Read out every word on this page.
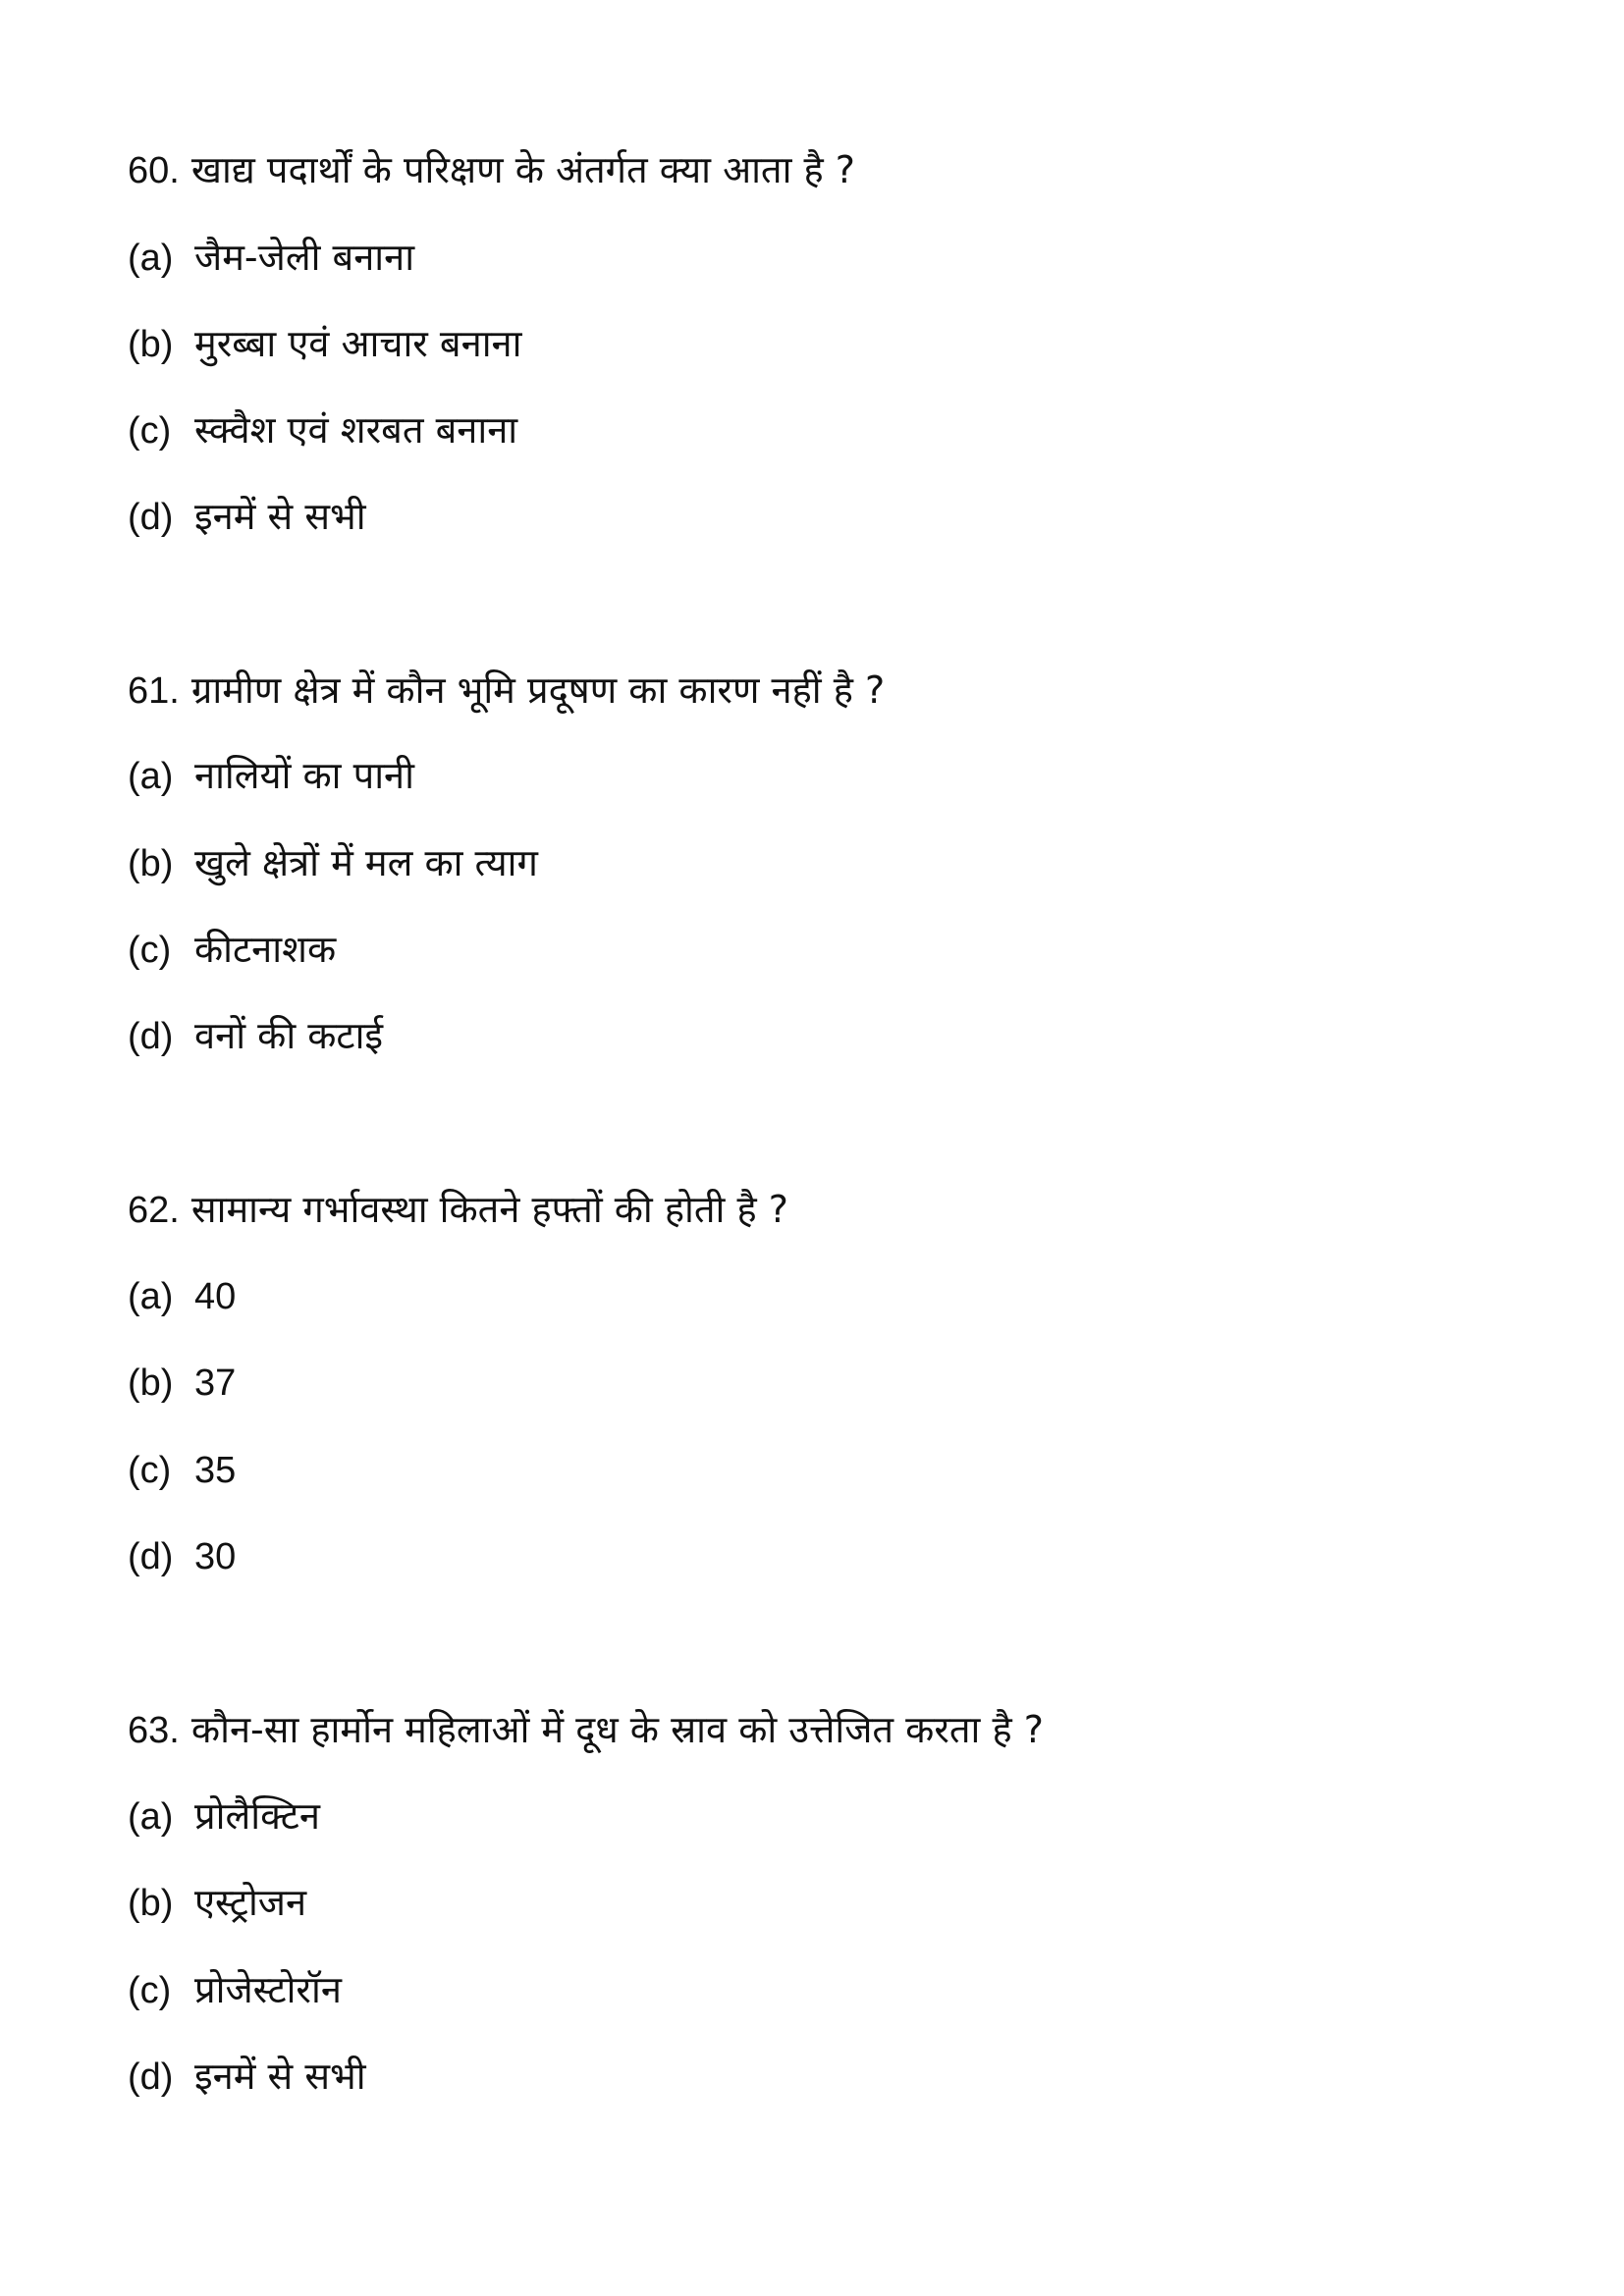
60. खाद्य पदार्थों के परिक्षण के अंतर्गत क्या आता है ?
(a) जैम-जेली बनाना
(b) मुरब्बा एवं आचार बनाना
(c) स्क्वैश एवं शरबत बनाना
(d) इनमें से सभी
61. ग्रामीण क्षेत्र में कौन भूमि प्रदूषण का कारण नहीं है ?
(a) नालियों का पानी
(b) खुले क्षेत्रों में मल का त्याग
(c) कीटनाशक
(d) वनों की कटाई
62. सामान्य गर्भावस्था कितने हफ्तों की होती है ?
(a) 40
(b) 37
(c) 35
(d) 30
63. कौन-सा हार्मोन महिलाओं में दूध के स्राव को उत्तेजित करता है ?
(a) प्रोलैक्टिन
(b) एस्ट्रोजन
(c) प्रोजेस्टोरॉन
(d) इनमें से सभी
